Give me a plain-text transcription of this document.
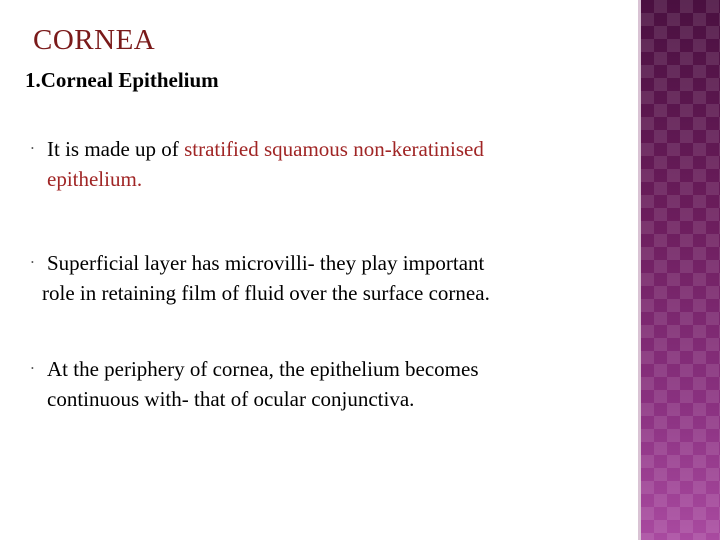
CORNEA
1.Corneal Epithelium
• It is made up of stratified squamous non-keratinised
epithelium.
• Superficial layer has microvilli- they play important
role in retaining film of fluid over the surface cornea.
• At the periphery of cornea, the epithelium becomes
continuous with- that of ocular conjunctiva.
